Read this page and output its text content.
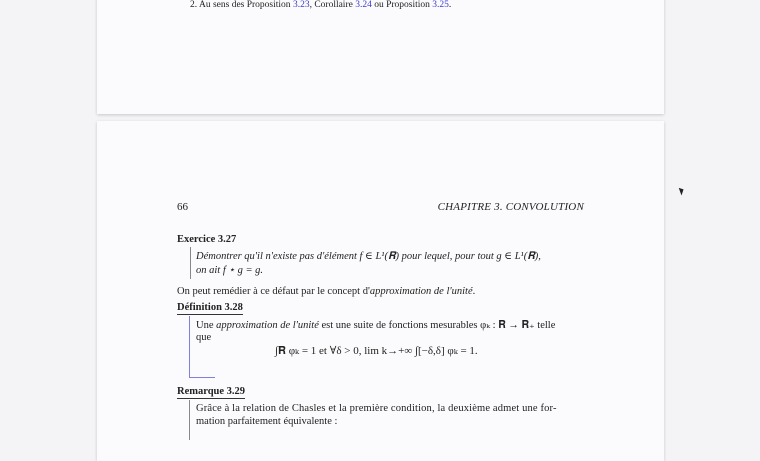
2. Au sens des Proposition 3.23, Corollaire 3.24 ou Proposition 3.25.
66	CHAPITRE 3. CONVOLUTION
Exercice 3.27
Démontrer qu'il n'existe pas d'élément f ∈ L¹(𝐑) pour lequel, pour tout g ∈ L¹(𝐑),
on ait f ⋆ g = g.
On peut remédier à ce défaut par le concept d'approximation de l'unité.
Définition 3.28
Une approximation de l'unité est une suite de fonctions mesurables φₖ : 𝐑 → 𝐑₊ telle
que
∫𝐑 φₖ = 1 et ∀δ > 0, lim k→+∞ ∫[−δ,δ] φₖ = 1.
Remarque 3.29
Grâce à la relation de Chasles et la première condition, la deuxième admet une for-
mation parfaitement équivalente :
